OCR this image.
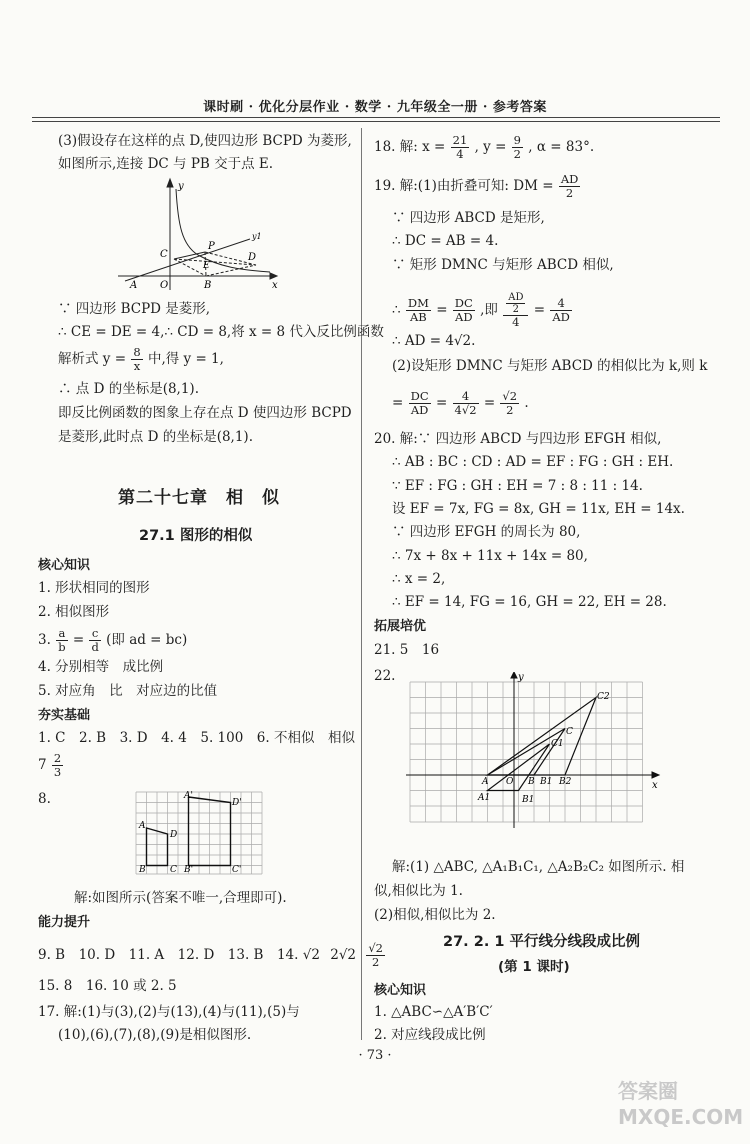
课时刷 · 优化分层作业 · 数学 · 九年级全一册 · 参考答案
(3)假设存在这样的点 D,使四边形 BCPD 为菱形,
如图所示,连接 DC 与 PB 交于点 E.
y
C
P
E
D
A O	B	x
y1
∵ 四边形 BCPD 是菱形,
∴ CE = DE = 4,∴ CD = 8,将 x = 8 代入反比例函数
解析式 $y = \frac{8}{x}$ 中,得 y = 1,
∴ 点 D 的坐标是(8,1).
即反比例函数的图象上存在点 D 使四边形 BCPD
是菱形,此时点 D 的坐标是(8,1).
第二十七章　相　似
27.1 图形的相似
核心知识
1. 形状相同的图形
2. 相似图形
3. $\frac{a}{b} = \frac{c}{d}$ (即 ad = bc)
4. 分别相等　成比例
5. 对应角　比　对应边的比值
夯实基础
1. C　2. B　3. D　4. 4　5. 100　6. 不相似　相似
$7 \frac{2}{3}$
8.	A'
D'
A
D
B	C B'	C'
解:如图所示(答案不唯一,合理即可).
能力提升
9. B　10. D　11. A　12. D　13. B　14. √2 $2√2 \frac{√2}{2}$
15. 8　16. 10 或 2. 5
17. 解:(1)与(3),(2)与(13),(4)与(11),(5)与
(10),(6),(7),(8),(9)是相似图形.
18. 解: $x = \frac{21}{4}$ , $y = \frac{9}{2}$ , α = 83°.
19. 解:(1)由折叠可知: DM = $\frac{AD}{2}$
∵ 四边形 ABCD 是矩形,
∴ DC = AB = 4.
∵ 矩形 DMNC 与矩形 ABCD 相似,
∴ $\frac{DM}{AB} = \frac{DC}{AD}$ ,即 $\frac{\frac{AD}{2}}{4} = \frac{4}{AD}$
∴ AD = 4√2.
(2)设矩形 DMNC 与矩形 ABCD 的相似比为 k,则 k
= $\frac{DC}{AD} = \frac{4}{4√2} = \frac{√2}{2}$ .
20. 解:∵ 四边形 ABCD 与四边形 EFGH 相似,
∴ AB : BC : CD : AD = EF : FG : GH : EH.
∵ EF : FG : GH : EH = 7 : 8 : 11 : 14.
设 EF = 7x, FG = 8x, GH = 11x, EH = 14x.
∵ 四边形 EFGH 的周长为 80,
∴ 7x + 8x + 11x + 14x = 80,
∴ x = 2,
∴ EF = 14, FG = 16, GH = 22, EH = 28.
拓展培优
21. 5　16
22.
A O B B1 B2
A1	B1
C
C1
C2
y
x
解:(1) △ABC, △A₁B₁C₁, △A₂B₂C₂ 如图所示. 相
似,相似比为 1.
(2)相似,相似比为 2.
27. 2. 1 平行线分线段成比例
(第 1 课时)
核心知识
1. △ABC∽△A′B′C′
2. 对应线段成比例
· 73 ·
答案圈 MXQE.COM
